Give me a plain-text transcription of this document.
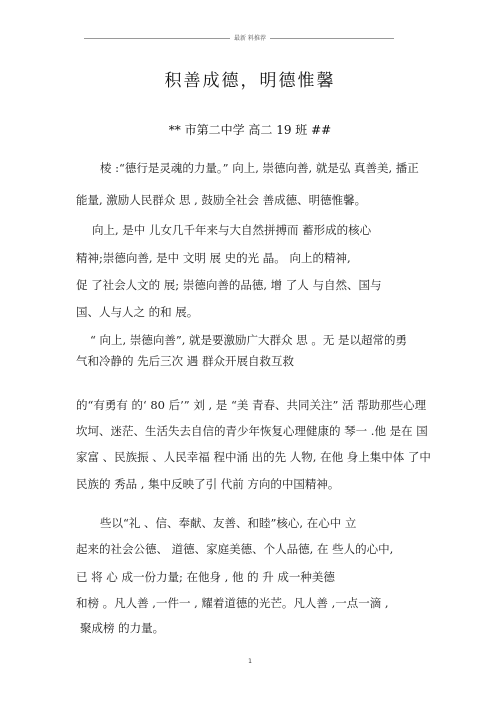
最新 料推荐
积善成德，明德惟馨
** 市第二中学 高二 19 班 ##
棱 :“德行是灵魂的力量。” 向上, 崇德向善, 就是弘 真善美, 播正
能量, 激励人民群众 思 , 鼓励全社会 善成德、明德惟馨。
向上, 是中 儿女几千年来与大自然拼搏而 蓄形成的核心
精神;崇德向善, 是中 文明 展 史的光 晶。 向上的精神,
促 了社会人文的 展; 崇德向善的品德, 增 了人 与自然、国与
国、人与人之 的和 展。
“ 向上, 崇德向善”, 就是要激励广大群众 思 。无 是以超常的勇
气和冷静的 先后三次 遇 群众开展自救互救
的“有勇有 的‘ 80 后’” 刘 , 是 “美 青春、共同关注” 活 帮助那些心理
坎坷、迷茫、生活失去自信的青少年恢复心理健康的 琴一 .他 是在 国
家富 、民族振 、人民幸福 程中涌 出的先 人物, 在他 身上集中体 了中
民族的 秀品 , 集中反映了引 代前 方向的中国精神。
些以“礼 、信、奉献、友善、和睦”核心, 在心中 立
起来的社会公德、 道德、家庭美德、个人品德, 在 些人的心中,
已 将 心 成一份力量; 在他身 , 他 的 升 成一种美德
和榜 。凡人善 ,一件一 , 耀着道德的光芒。凡人善 ,一点一滴 ,
聚成榜 的力量。
1
